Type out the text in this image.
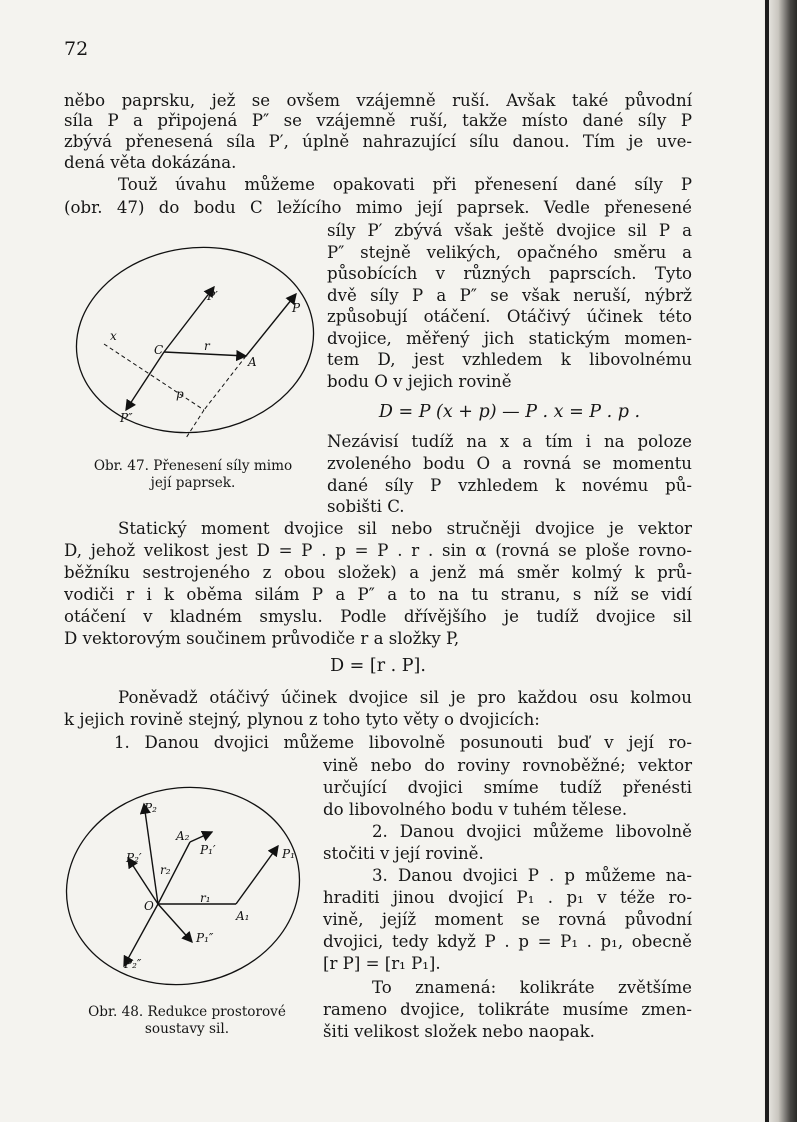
72
něbo paprsku, jež se ovšem vzájemně ruší. Avšak také původní
síla P a připojená P″ se vzájemně ruší, takže místo dané síly P
zbývá přenesená síla P′, úplně nahrazující sílu danou. Tím je uve-
dená věta dokázána.
Touž úvahu můžeme opakovati při přenesení dané síly P
(obr. 47) do bodu C ležícího mimo její paprsek. Vedle přenesené
P′
P
P″
C
A
r
p
x
Obr. 47. Přenesení síly mimo
její paprsek.
síly P′ zbývá však ještě dvojice sil P a
P″ stejně velikých, opačného směru a
působících v různých paprscích. Tyto
dvě síly P a P″ se však neruší, nýbrž
způsobují otáčení. Otáčivý účinek této
dvojice, měřený jich statickým momen-
tem D, jest vzhledem k libovolnému
bodu O v jejich rovině
D = P (x + p) — P . x = P . p .
Nezávisí tudíž na x a tím i na poloze
zvoleného bodu O a rovná se momentu
dané síly P vzhledem k novému pů-
sobišti C.
Statický moment dvojice sil nebo stručněji dvojice je vektor
D, jehož velikost jest D = P . p = P . r . sin α (rovná se ploše rovno-
běžníku sestrojeného z obou složek) a jenž má směr kolmý k prů-
vodiči r i k oběma silám P a P″ a to na tu stranu, s níž se vidí
otáčení v kladném smyslu. Podle dřívějšího je tudíž dvojice sil
D vektorovým součinem průvodiče r a složky P,
D = [r . P].
Poněvadž otáčivý účinek dvojice sil je pro každou osu kolmou
k jejich rovině stejný, plynou z toho tyto věty o dvojicích:
1. Danou dvojici můžeme libovolně posunouti buď v její ro-
P₂
A₂
P₁′	P₁
P₂′
r₂
O
r₁
A₁
P₂″
P₁″
Obr. 48. Redukce prostorové
soustavy sil.
vině nebo do roviny rovnoběžné; vektor
určující dvojici smíme tudíž přenésti
do libovolného bodu v tuhém tělese.
2. Danou dvojici můžeme libovolně
stočiti v její rovině.
3. Danou dvojici P . p můžeme na-
hraditi jinou dvojicí P₁ . p₁ v téže ro-
vině, jejíž moment se rovná původní
dvojici, tedy když P . p = P₁ . p₁, obecně
[r P] = [r₁ P₁].
To znamená: kolikráte zvětšíme
rameno dvojice, tolikráte musíme zmen-
šiti velikost složek nebo naopak.
